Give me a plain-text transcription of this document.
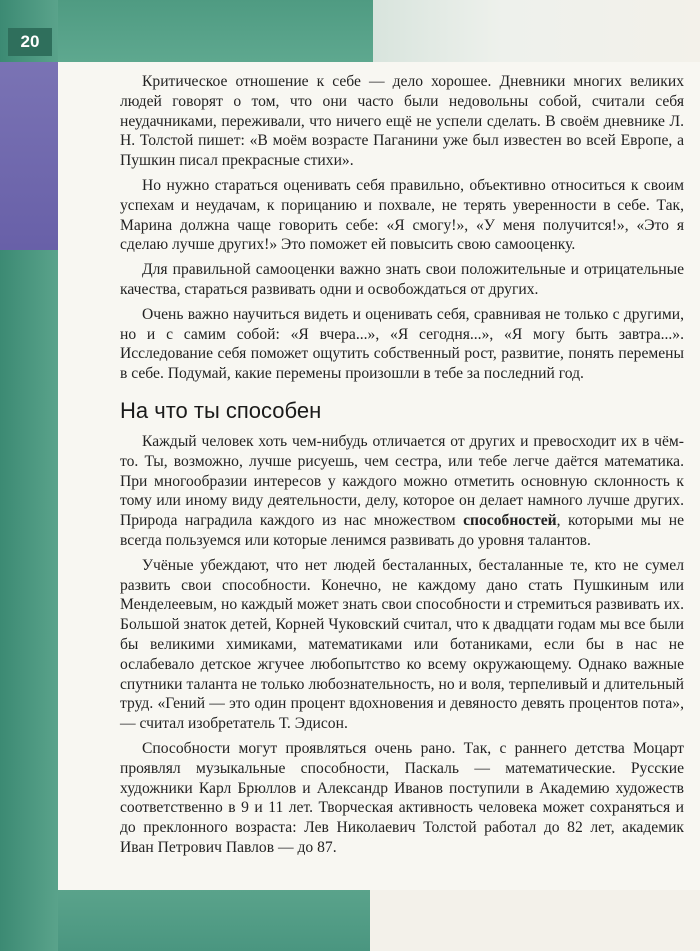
20

Критическое отношение к себе — дело хорошее. Дневники многих великих людей говорят о том, что они часто были недовольны собой, считали себя неудачниками, переживали, что ничего ещё не успели сделать. В своём дневнике Л. Н. Толстой пишет: «В моём возрасте Паганини уже был известен во всей Европе, а Пушкин писал прекрасные стихи».

Но нужно стараться оценивать себя правильно, объективно относиться к своим успехам и неудачам, к порицанию и похвале, не терять уверенности в себе. Так, Марина должна чаще говорить себе: «Я смогу!», «У меня получится!», «Это я сделаю лучше других!» Это поможет ей повысить свою самооценку.

Для правильной самооценки важно знать свои положительные и отрицательные качества, стараться развивать одни и освобождаться от других.

Очень важно научиться видеть и оценивать себя, сравнивая не только с другими, но и с самим собой: «Я вчера...», «Я сегодня...», «Я могу быть завтра...». Исследование себя поможет ощутить собственный рост, развитие, понять перемены в себе. Подумай, какие перемены произошли в тебе за последний год.

На что ты способен

Каждый человек хоть чем-нибудь отличается от других и превосходит их в чём-то. Ты, возможно, лучше рисуешь, чем сестра, или тебе легче даётся математика. При многообразии интересов у каждого можно отметить основную склонность к тому или иному виду деятельности, делу, которое он делает намного лучше других. Природа наградила каждого из нас множеством способностей, которыми мы не всегда пользуемся или которые ленимся развивать до уровня талантов.

Учёные убеждают, что нет людей бесталанных, бесталанные те, кто не сумел развить свои способности. Конечно, не каждому дано стать Пушкиным или Менделеевым, но каждый может знать свои способности и стремиться развивать их. Большой знаток детей, Корней Чуковский считал, что к двадцати годам мы все были бы великими химиками, математиками или ботаниками, если бы в нас не ослабевало детское жгучее любопытство ко всему окружающему. Однако важные спутники таланта не только любознательность, но и воля, терпеливый и длительный труд. «Гений — это один процент вдохновения и девяносто девять процентов пота», — считал изобретатель Т. Эдисон.

Способности могут проявляться очень рано. Так, с раннего детства Моцарт проявлял музыкальные способности, Паскаль — математические. Русские художники Карл Брюллов и Александр Иванов поступили в Академию художеств соответственно в 9 и 11 лет. Творческая активность человека может сохраняться и до преклонного возраста: Лев Николаевич Толстой работал до 82 лет, академик Иван Петрович Павлов — до 87.
